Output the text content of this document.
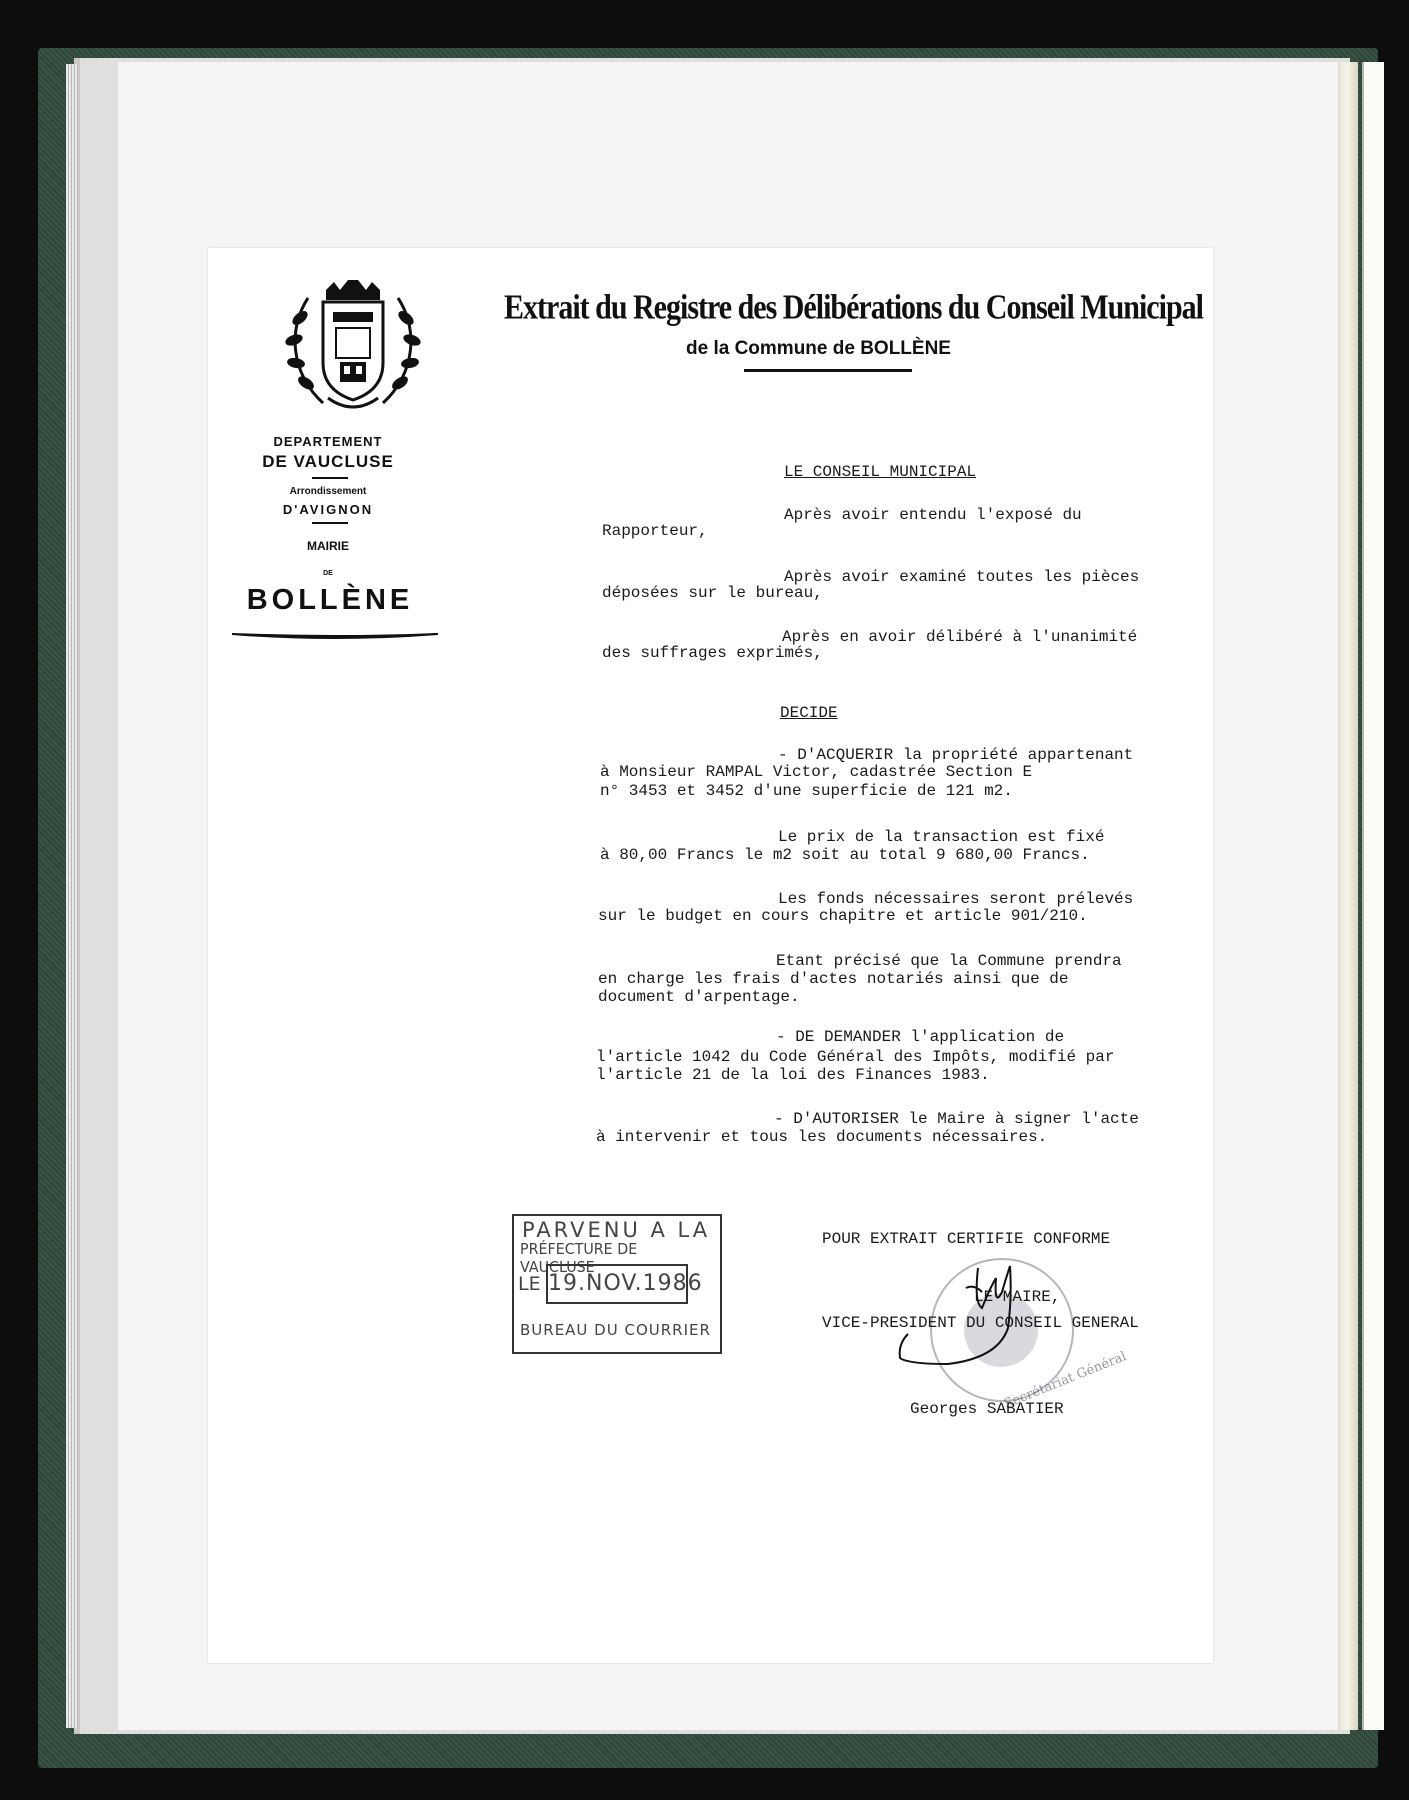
DEPARTEMENT
DE VAUCLUSE
Arrondissement
D'AVIGNON
MAIRIE
DE
BOLLÈNE
Extrait du Registre des Délibérations du Conseil Municipal
de la Commune de BOLLÈNE
LE CONSEIL MUNICIPAL
Après avoir entendu l'exposé du
Rapporteur,
Après avoir examiné toutes les pièces
déposées sur le bureau,
Après en avoir délibéré à l'unanimité
des suffrages exprimés,
DECIDE
- D'ACQUERIR la propriété appartenant
à Monsieur RAMPAL Victor, cadastrée Section E
n° 3453 et 3452 d'une superficie de 121 m2.
Le prix de la transaction est fixé
à 80,00 Francs le m2 soit au total 9 680,00 Francs.
Les fonds nécessaires seront prélevés
sur le budget en cours chapitre et article 901/210.
Etant précisé que la Commune prendra
en charge les frais d'actes notariés ainsi que de
document d'arpentage.
- DE DEMANDER l'application de
l'article 1042 du Code Général des Impôts, modifié par
l'article 21 de la loi des Finances 1983.
- D'AUTORISER le Maire à signer l'acte
à intervenir et tous les documents nécessaires.
PARVENU A LA
PRÉFECTURE DE VAUCLUSE
LE 19.NOV.1986
BUREAU DU COURRIER
POUR EXTRAIT CERTIFIE CONFORME
Secrétariat Général
LE MAIRE,
VICE-PRESIDENT DU CONSEIL GENERAL
Georges SABATIER
